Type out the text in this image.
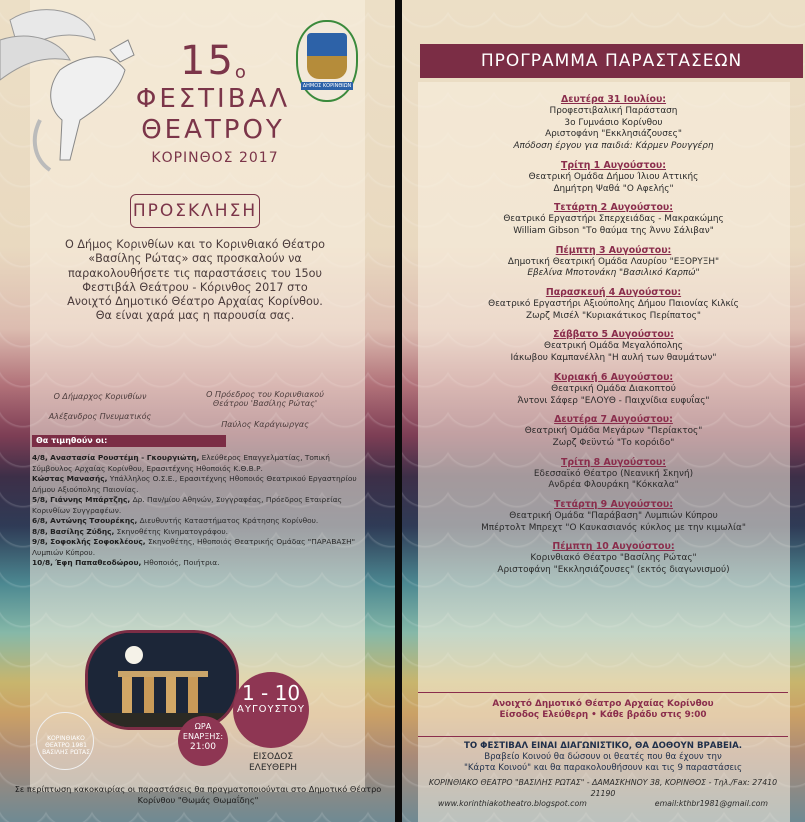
$15^o$
ΦΕΣΤΙΒΑΛ ΘΕΑΤΡΟΥ
ΚΟΡΙΝΘΟΣ 2017
ΔΗΜΟΣ ΚΟΡΙΝΘΙΩΝ
ΠΡΟΣΚΛΗΣΗ
Ο Δήμος Κορινθίων και το Κορινθιακό Θέατρο «Βασίλης Ρώτας» σας προσκαλούν να παρακολουθήσετε τις παραστάσεις του 15ου Φεστιβάλ Θεάτρου - Κόρινθος 2017 στο Ανοιχτό Δημοτικό Θέατρο Αρχαίας Κορίνθου. Θα είναι χαρά μας η παρουσία σας.
Ο Δήμαρχος Κορινθίων
Αλέξανδρος Πνευματικός
Ο Πρόεδρος του Κορινθιακού Θεάτρου 'Βασίλης Ρώτας'
Παύλος Καράγιωργας
Θα τιμηθούν οι:
4/8, Αναστασία Ρουστέμη - Γκουργιώτη, Ελεύθερος Επαγγελματίας, Τοπική Σύμβουλος Αρχαίας Κορίνθου, Ερασιτέχνης Ηθοποιός Κ.Θ.Β.Ρ.
Κώστας Μανασής, Υπάλληλος Ο.Σ.Ε., Ερασιτέχνης Ηθοποιός Θεατρικού Εργαστηρίου Δήμου Αξιούπολης Παιονίας.
5/8, Γιάννης Μπάρτζης, Δρ. Παν/μίου Αθηνών, Συγγραφέας, Πρόεδρος Εταιρείας Κορινθίων Συγγραφέων.
6/8, Αντώνης Τσουρέκης, Διευθυντής Καταστήματος Κράτησης Κορίνθου.
8/8, Βασίλης Ζύδης, Σκηνοθέτης Κινηματογράφου.
9/8, Σοφοκλής Σοφοκλέους, Σκηνοθέτης, Ηθοποιός Θεατρικής Ομάδας "ΠΑΡΑΒΑΣΗ" Λυμπιών Κύπρου.
10/8, Έφη Παπαθεοδώρου, Ηθοποιός, Ποιήτρια.
ΩΡΑ ΕΝΑΡΞΗΣ:
21:00
1 - 10
ΑΥΓΟΥΣΤΟΥ
ΕΙΣΟΔΟΣ ΕΛΕΥΘΕΡΗ
ΚΟΡΙΝΘΙΑΚΟ ΘΕΑΤΡΟ 1981 ΒΑΣΙΛΗΣ ΡΩΤΑΣ
Σε περίπτωση κακοκαιρίας οι παραστάσεις θα πραγματοποιούνται στο Δημοτικό Θέατρο Κορίνθου "Θωμάς Θωμαΐδης"
ΠΡΟΓΡΑΜΜΑ ΠΑΡΑΣΤΑΣΕΩΝ
Δευτέρα 31 Ιουλίου:
Προφεστιβαλική Παράσταση
3ο Γυμνάσιο Κορίνθου
Αριστοφάνη "Εκκλησιάζουσες"
Απόδοση έργου για παιδιά: Κάρμεν Ρουγγέρη
Τρίτη 1 Αυγούστου:
Θεατρική Ομάδα Δήμου Ίλιου Αττικής
Δημήτρη Ψαθά "Ο Αφελής"
Τετάρτη 2 Αυγούστου:
Θεατρικό Εργαστήρι Σπερχειάδας - Μακρακώμης
William Gibson "Το θαύμα της Άννυ Σάλιβαν"
Πέμπτη 3 Αυγούστου:
Δημοτική Θεατρική Ομάδα Λαυρίου "ΕΞΟΡΥΞΗ"
Εβελίνα Μποτονάκη "Βασιλικό Καρπώ"
Παρασκευή 4 Αυγούστου:
Θεατρικό Εργαστήρι Αξιούπολης Δήμου Παιονίας Κιλκίς
Ζωρζ Μισέλ "Κυριακάτικος Περίπατος"
Σάββατο 5 Αυγούστου:
Θεατρική Ομάδα Μεγαλόπολης
Ιάκωβου Καμπανέλλη "Η αυλή των θαυμάτων"
Κυριακή 6 Αυγούστου:
Θεατρική Ομάδα Διακοπτού
Άντονι Σάφερ "ΕΛΟΥΘ - Παιχνίδια ευφυΐας"
Δευτέρα 7 Αυγούστου:
Θεατρική Ομάδα Μεγάρων "Περίακτος"
Ζωρζ Φεϋντώ "Το κορόιδο"
Τρίτη 8 Αυγούστου:
Εδεσσαϊκό Θέατρο (Νεανική Σκηνή)
Ανδρέα Φλουράκη "Κόκκαλα"
Τετάρτη 9 Αυγούστου:
Θεατρική Ομάδα "Παράβαση" Λυμπιών Κύπρου
Μπέρτολτ Μπρεχτ "Ο Καυκασιανός κύκλος με την κιμωλία"
Πέμπτη 10 Αυγούστου:
Κορινθιακό Θέατρο "Βασίλης Ρώτας"
Αριστοφάνη "Εκκλησιάζουσες" (εκτός διαγωνισμού)
Ανοιχτό Δημοτικό Θέατρο Αρχαίας Κορίνθου
Είσοδος Ελεύθερη • Κάθε βράδυ στις 9:00
ΤΟ ΦΕΣΤΙΒΑΛ ΕΙΝΑΙ ΔΙΑΓΩΝΙΣΤΙΚΟ, ΘΑ ΔΟΘΟΥΝ ΒΡΑΒΕΙΑ.
Βραβείο Κοινού θα δώσουν οι θεατές που θα έχουν την
"Κάρτα Κοινού" και θα παρακολουθήσουν και τις 9 παραστάσεις
ΚΟΡΙΝΘΙΑΚΟ ΘΕΑΤΡΟ "ΒΑΣΙΛΗΣ ΡΩΤΑΣ" - ΔΑΜΑΣΚΗΝΟΥ 38, ΚΟΡΙΝΘΟΣ - Τηλ./Fax: 27410 21190
www.korinthiakotheatro.blogspot.com	email:kthbr1981@gmail.com
